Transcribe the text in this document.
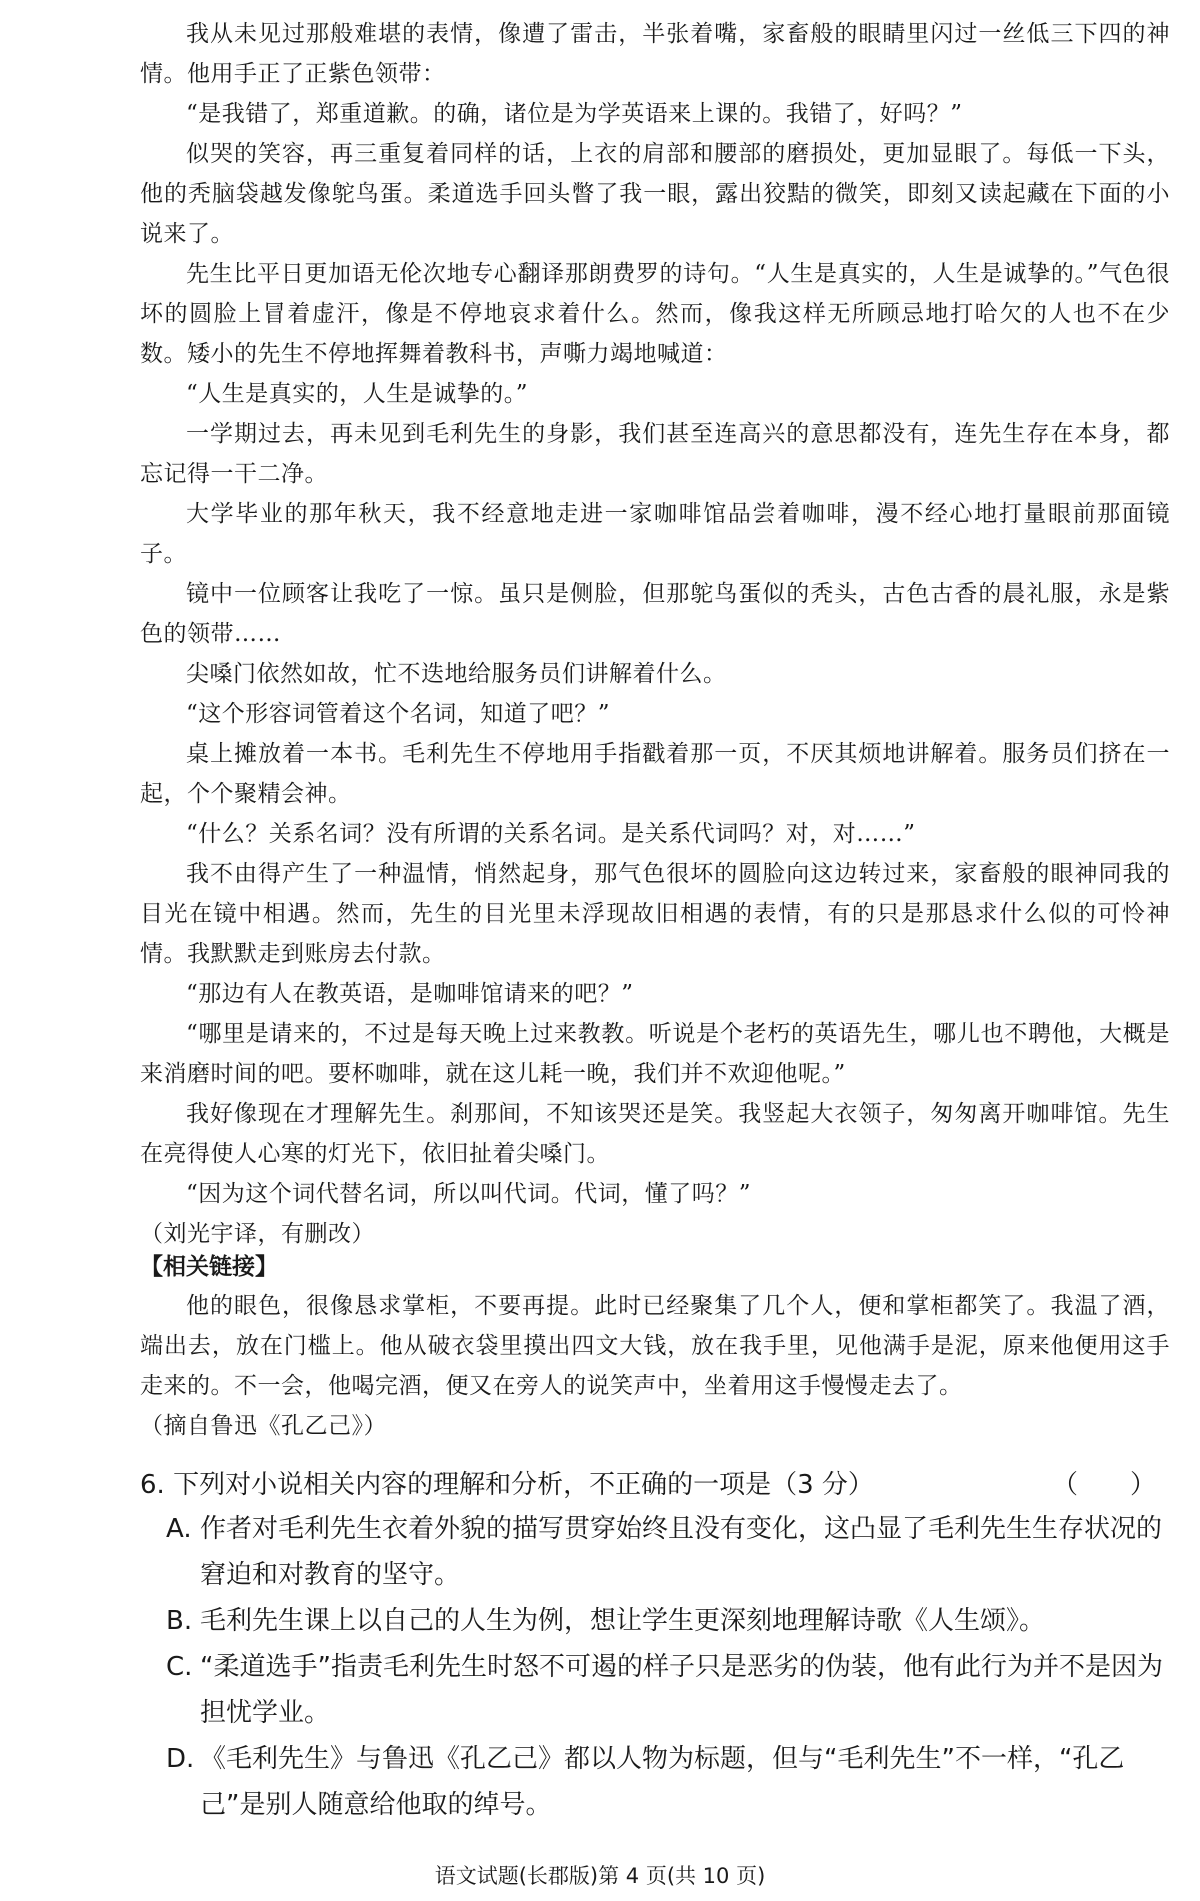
我从未见过那般难堪的表情，像遭了雷击，半张着嘴，家畜般的眼睛里闪过一丝低三下四的神情。他用手正了正紫色领带：

“是我错了，郑重道歉。的确，诸位是为学英语来上课的。我错了，好吗？”

似哭的笑容，再三重复着同样的话，上衣的肩部和腰部的磨损处，更加显眼了。每低一下头，他的秃脑袋越发像鸵鸟蛋。柔道选手回头瞥了我一眼，露出狡黠的微笑，即刻又读起藏在下面的小说来了。

先生比平日更加语无伦次地专心翻译那朗费罗的诗句。“人生是真实的，人生是诚挚的。”气色很坏的圆脸上冒着虚汗，像是不停地哀求着什么。然而，像我这样无所顾忌地打哈欠的人也不在少数。矮小的先生不停地挥舞着教科书，声嘶力竭地喊道：

“人生是真实的，人生是诚挚的。”

一学期过去，再未见到毛利先生的身影，我们甚至连高兴的意思都没有，连先生存在本身，都忘记得一干二净。

大学毕业的那年秋天，我不经意地走进一家咖啡馆品尝着咖啡，漫不经心地打量眼前那面镜子。

镜中一位顾客让我吃了一惊。虽只是侧脸，但那鸵鸟蛋似的秃头，古色古香的晨礼服，永是紫色的领带……

尖嗓门依然如故，忙不迭地给服务员们讲解着什么。

“这个形容词管着这个名词，知道了吧？”

桌上摊放着一本书。毛利先生不停地用手指戳着那一页，不厌其烦地讲解着。服务员们挤在一起，个个聚精会神。

“什么？关系名词？没有所谓的关系名词。是关系代词吗？对，对……”

我不由得产生了一种温情，悄然起身，那气色很坏的圆脸向这边转过来，家畜般的眼神同我的目光在镜中相遇。然而，先生的目光里未浮现故旧相遇的表情，有的只是那恳求什么似的可怜神情。我默默走到账房去付款。

“那边有人在教英语，是咖啡馆请来的吧？”

“哪里是请来的，不过是每天晚上过来教教。听说是个老朽的英语先生，哪儿也不聘他，大概是来消磨时间的吧。要杯咖啡，就在这儿耗一晚，我们并不欢迎他呢。”

我好像现在才理解先生。刹那间，不知该哭还是笑。我竖起大衣领子，匆匆离开咖啡馆。先生在亮得使人心寒的灯光下，依旧扯着尖嗓门。

“因为这个词代替名词，所以叫代词。代词，懂了吗？”

（刘光宇译，有删改）

【相关链接】

他的眼色，很像恳求掌柜，不要再提。此时已经聚集了几个人，便和掌柜都笑了。我温了酒，端出去，放在门槛上。他从破衣袋里摸出四文大钱，放在我手里，见他满手是泥，原来他便用这手走来的。不一会，他喝完酒，便又在旁人的说笑声中，坐着用这手慢慢走去了。

（摘自鲁迅《孔乙己》）

6. 下列对小说相关内容的理解和分析，不正确的一项是（3 分）	（　　）
A. 作者对毛利先生衣着外貌的描写贯穿始终且没有变化，这凸显了毛利先生生存状况的窘迫和对教育的坚守。
B. 毛利先生课上以自己的人生为例，想让学生更深刻地理解诗歌《人生颂》。
C. “柔道选手”指责毛利先生时怒不可遏的样子只是恶劣的伪装，他有此行为并不是因为担忧学业。
D. 《毛利先生》与鲁迅《孔乙己》都以人物为标题，但与“毛利先生”不一样，“孔乙己”是别人随意给他取的绰号。
语文试题(长郡版)第 4 页(共 10 页)
